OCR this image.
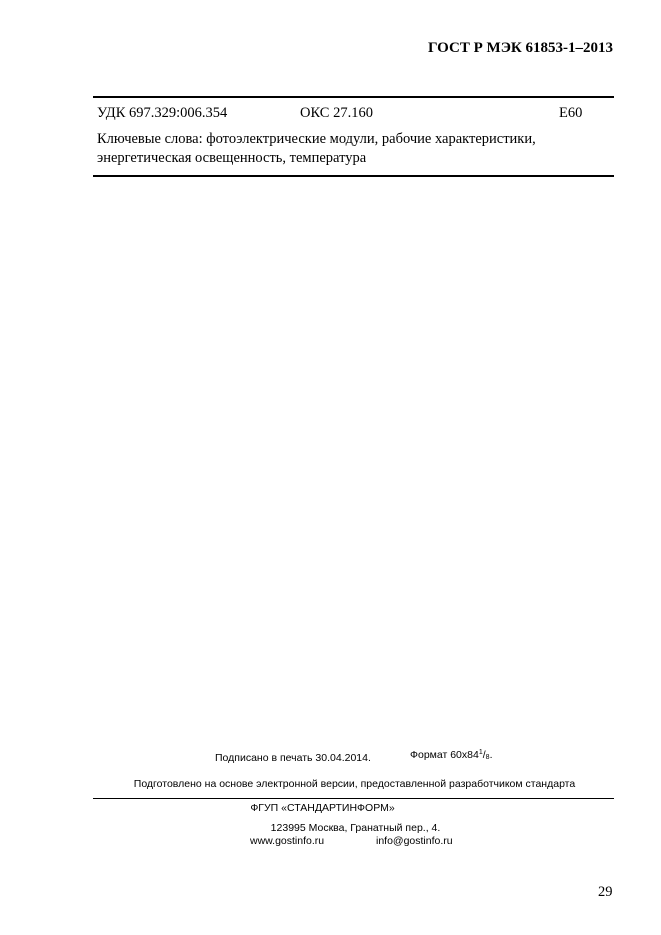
ГОСТ Р МЭК 61853-1–2013
УДК 697.329:006.354	ОКС 27.160	Е60
Ключевые слова: фотоэлектрические модули, рабочие характеристики, энергетическая освещенность, температура
Подписано в печать 30.04.2014.	Формат $60x84^1/_8$.
Подготовлено на основе электронной версии, предоставленной разработчиком стандарта
ФГУП «СТАНДАРТИНФОРМ»
123995 Москва, Гранатный пер., 4.
www.gostinfo.ru	info@gostinfo.ru
29
